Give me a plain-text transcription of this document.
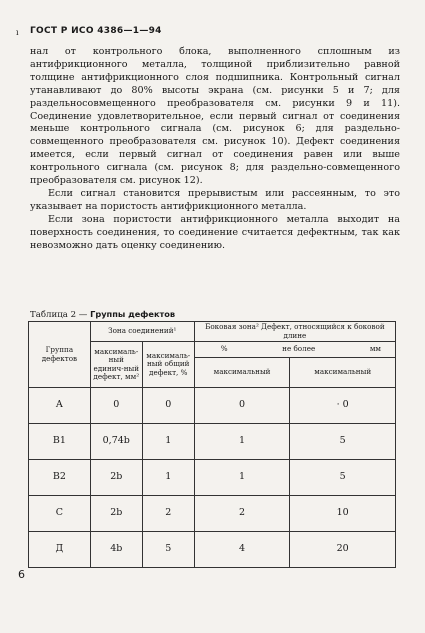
ı ГОСТ Р ИСО 4386—1—94

нал от контрольного блока, выполненного сплошным из антифрикционного металла, толщиной приблизительно равной толщине антифрикционного слоя подшипника. Контрольный сигнал утанавливают до 80% высоты экрана (см. рисунки 5 и 7; для раздельносовмещенного преобразователя см. рисунки 9 и 11). Соединение удовлетворительное, если первый сигнал от соединения меньше контрольного сигнала (см. рисунок 6; для раздельно-совмещенного преобразователя см. рисунок 10). Дефект соединения имеется, если первый сигнал от соединения равен или выше контрольного сигнала (см. рисунок 8; для раздельно-совмещенного преобразователя см. рисунок 12).

Если сигнал становится прерывистым или рассеянным, то это указывает на пористость антифрикционного металла.

Если зона пористости антифрикционного металла выходит на поверхность соединения, то соединение считается дефектным, так как невозможно дать оценку соединению.

Таблица 2 — Группы дефектов
Группа дефектов	Зона соединений¹		Боковая зона² Дефект, относящийся к боковой длине	
	максималь-ный единич-ный дефект, мм²	максималь-ный общий дефект, %	% не более мм	

			максимальный	максимальный
А	0	0	0	· 0
В1	0,74b	1	1	5
В2	2b	1	1	5
С	2b	2	2	10
Д	4b	5	4	20
6
